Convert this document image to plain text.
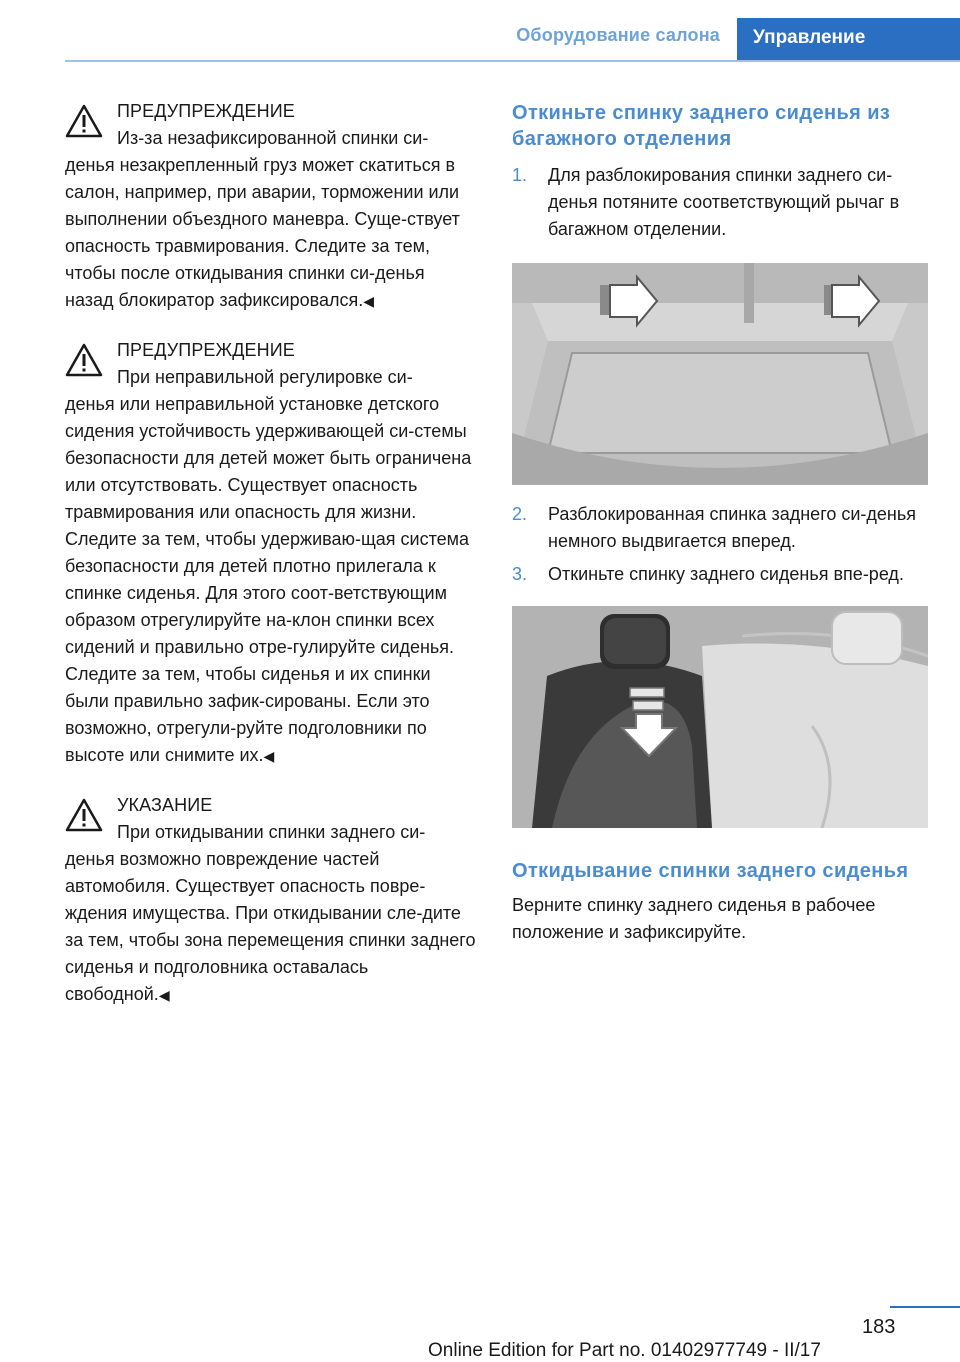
Оборудование салона	Управление
ПРЕДУПРЕЖДЕНИЕ
Из-за незафиксированной спинки си‐
денья незакрепленный груз может скатиться в салон, например, при аварии, торможении или выполнении объездного маневра. Суще‐ствует опасность травмирования. Следите за тем, чтобы после откидывания спинки си‐денья назад блокиратор зафиксировался.◀
ПРЕДУПРЕЖДЕНИЕ
При неправильной регулировке си‐
денья или неправильной установке детского сидения устойчивость удерживающей си‐стемы безопасности для детей может быть ограничена или отсутствовать. Существует опасность травмирования или опасность для жизни. Следите за тем, чтобы удерживаю‐щая система безопасности для детей плотно прилегала к спинке сиденья. Для этого соот‐ветствующим образом отрегулируйте на‐клон спинки всех сидений и правильно отре‐гулируйте сиденья. Следите за тем, чтобы сиденья и их спинки были правильно зафик‐сированы. Если это возможно, отрегули‐руйте подголовники по высоте или снимите их.◀
УКАЗАНИЕ
При откидывании спинки заднего си‐
денья возможно повреждение частей автомобиля. Существует опасность повре‐ждения имущества. При откидывании сле‐дите за тем, чтобы зона перемещения спинки заднего сиденья и подголовника оставалась свободной.◀
Откиньте спинку заднего сиденья из багажного отделения
1. Для разблокирования спинки заднего си‐денья потяните соответствующий рычаг в багажном отделении.
2. Разблокированная спинка заднего си‐денья немного выдвигается вперед.
3. Откиньте спинку заднего сиденья впе‐ред.
Откидывание спинки заднего сиденья
Верните спинку заднего сиденья в рабочее положение и зафиксируйте.
183
Online Edition for Part no. 01402977749 - II/17
